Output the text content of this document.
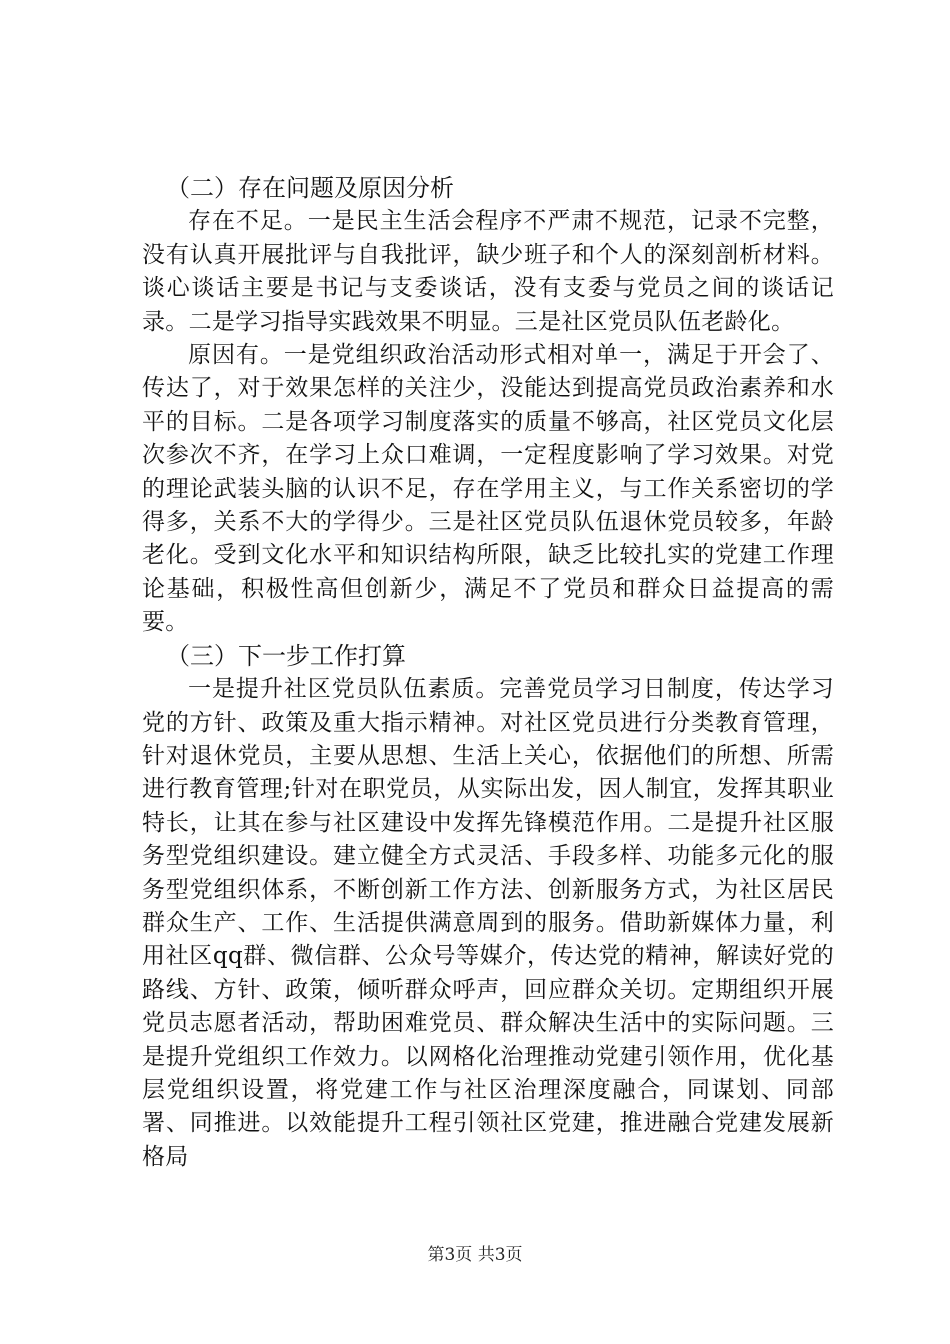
（二）存在问题及原因分析

存在不足。一是民主生活会程序不严肃不规范，记录不完整，没有认真开展批评与自我批评，缺少班子和个人的深刻剖析材料。谈心谈话主要是书记与支委谈话，没有支委与党员之间的谈话记录。二是学习指导实践效果不明显。三是社区党员队伍老龄化。

原因有。一是党组织政治活动形式相对单一，满足于开会了、传达了，对于效果怎样的关注少，没能达到提高党员政治素养和水平的目标。二是各项学习制度落实的质量不够高，社区党员文化层次参次不齐，在学习上众口难调，一定程度影响了学习效果。对党的理论武装头脑的认识不足，存在学用主义，与工作关系密切的学得多，关系不大的学得少。三是社区党员队伍退休党员较多，年龄老化。受到文化水平和知识结构所限，缺乏比较扎实的党建工作理论基础，积极性高但创新少，满足不了党员和群众日益提高的需要。

（三）下一步工作打算

一是提升社区党员队伍素质。完善党员学习日制度，传达学习党的方针、政策及重大指示精神。对社区党员进行分类教育管理，针对退休党员，主要从思想、生活上关心，依据他们的所想、所需进行教育管理;针对在职党员，从实际出发，因人制宜，发挥其职业特长，让其在参与社区建设中发挥先锋模范作用。二是提升社区服务型党组织建设。建立健全方式灵活、手段多样、功能多元化的服务型党组织体系，不断创新工作方法、创新服务方式，为社区居民群众生产、工作、生活提供满意周到的服务。借助新媒体力量，利用社区qq群、微信群、公众号等媒介，传达党的精神，解读好党的路线、方针、政策，倾听群众呼声，回应群众关切。定期组织开展党员志愿者活动，帮助困难党员、群众解决生活中的实际问题。三是提升党组织工作效力。以网格化治理推动党建引领作用，优化基层党组织设置，将党建工作与社区治理深度融合，同谋划、同部署、同推进。以效能提升工程引领社区党建，推进融合党建发展新格局

第3页 共3页
